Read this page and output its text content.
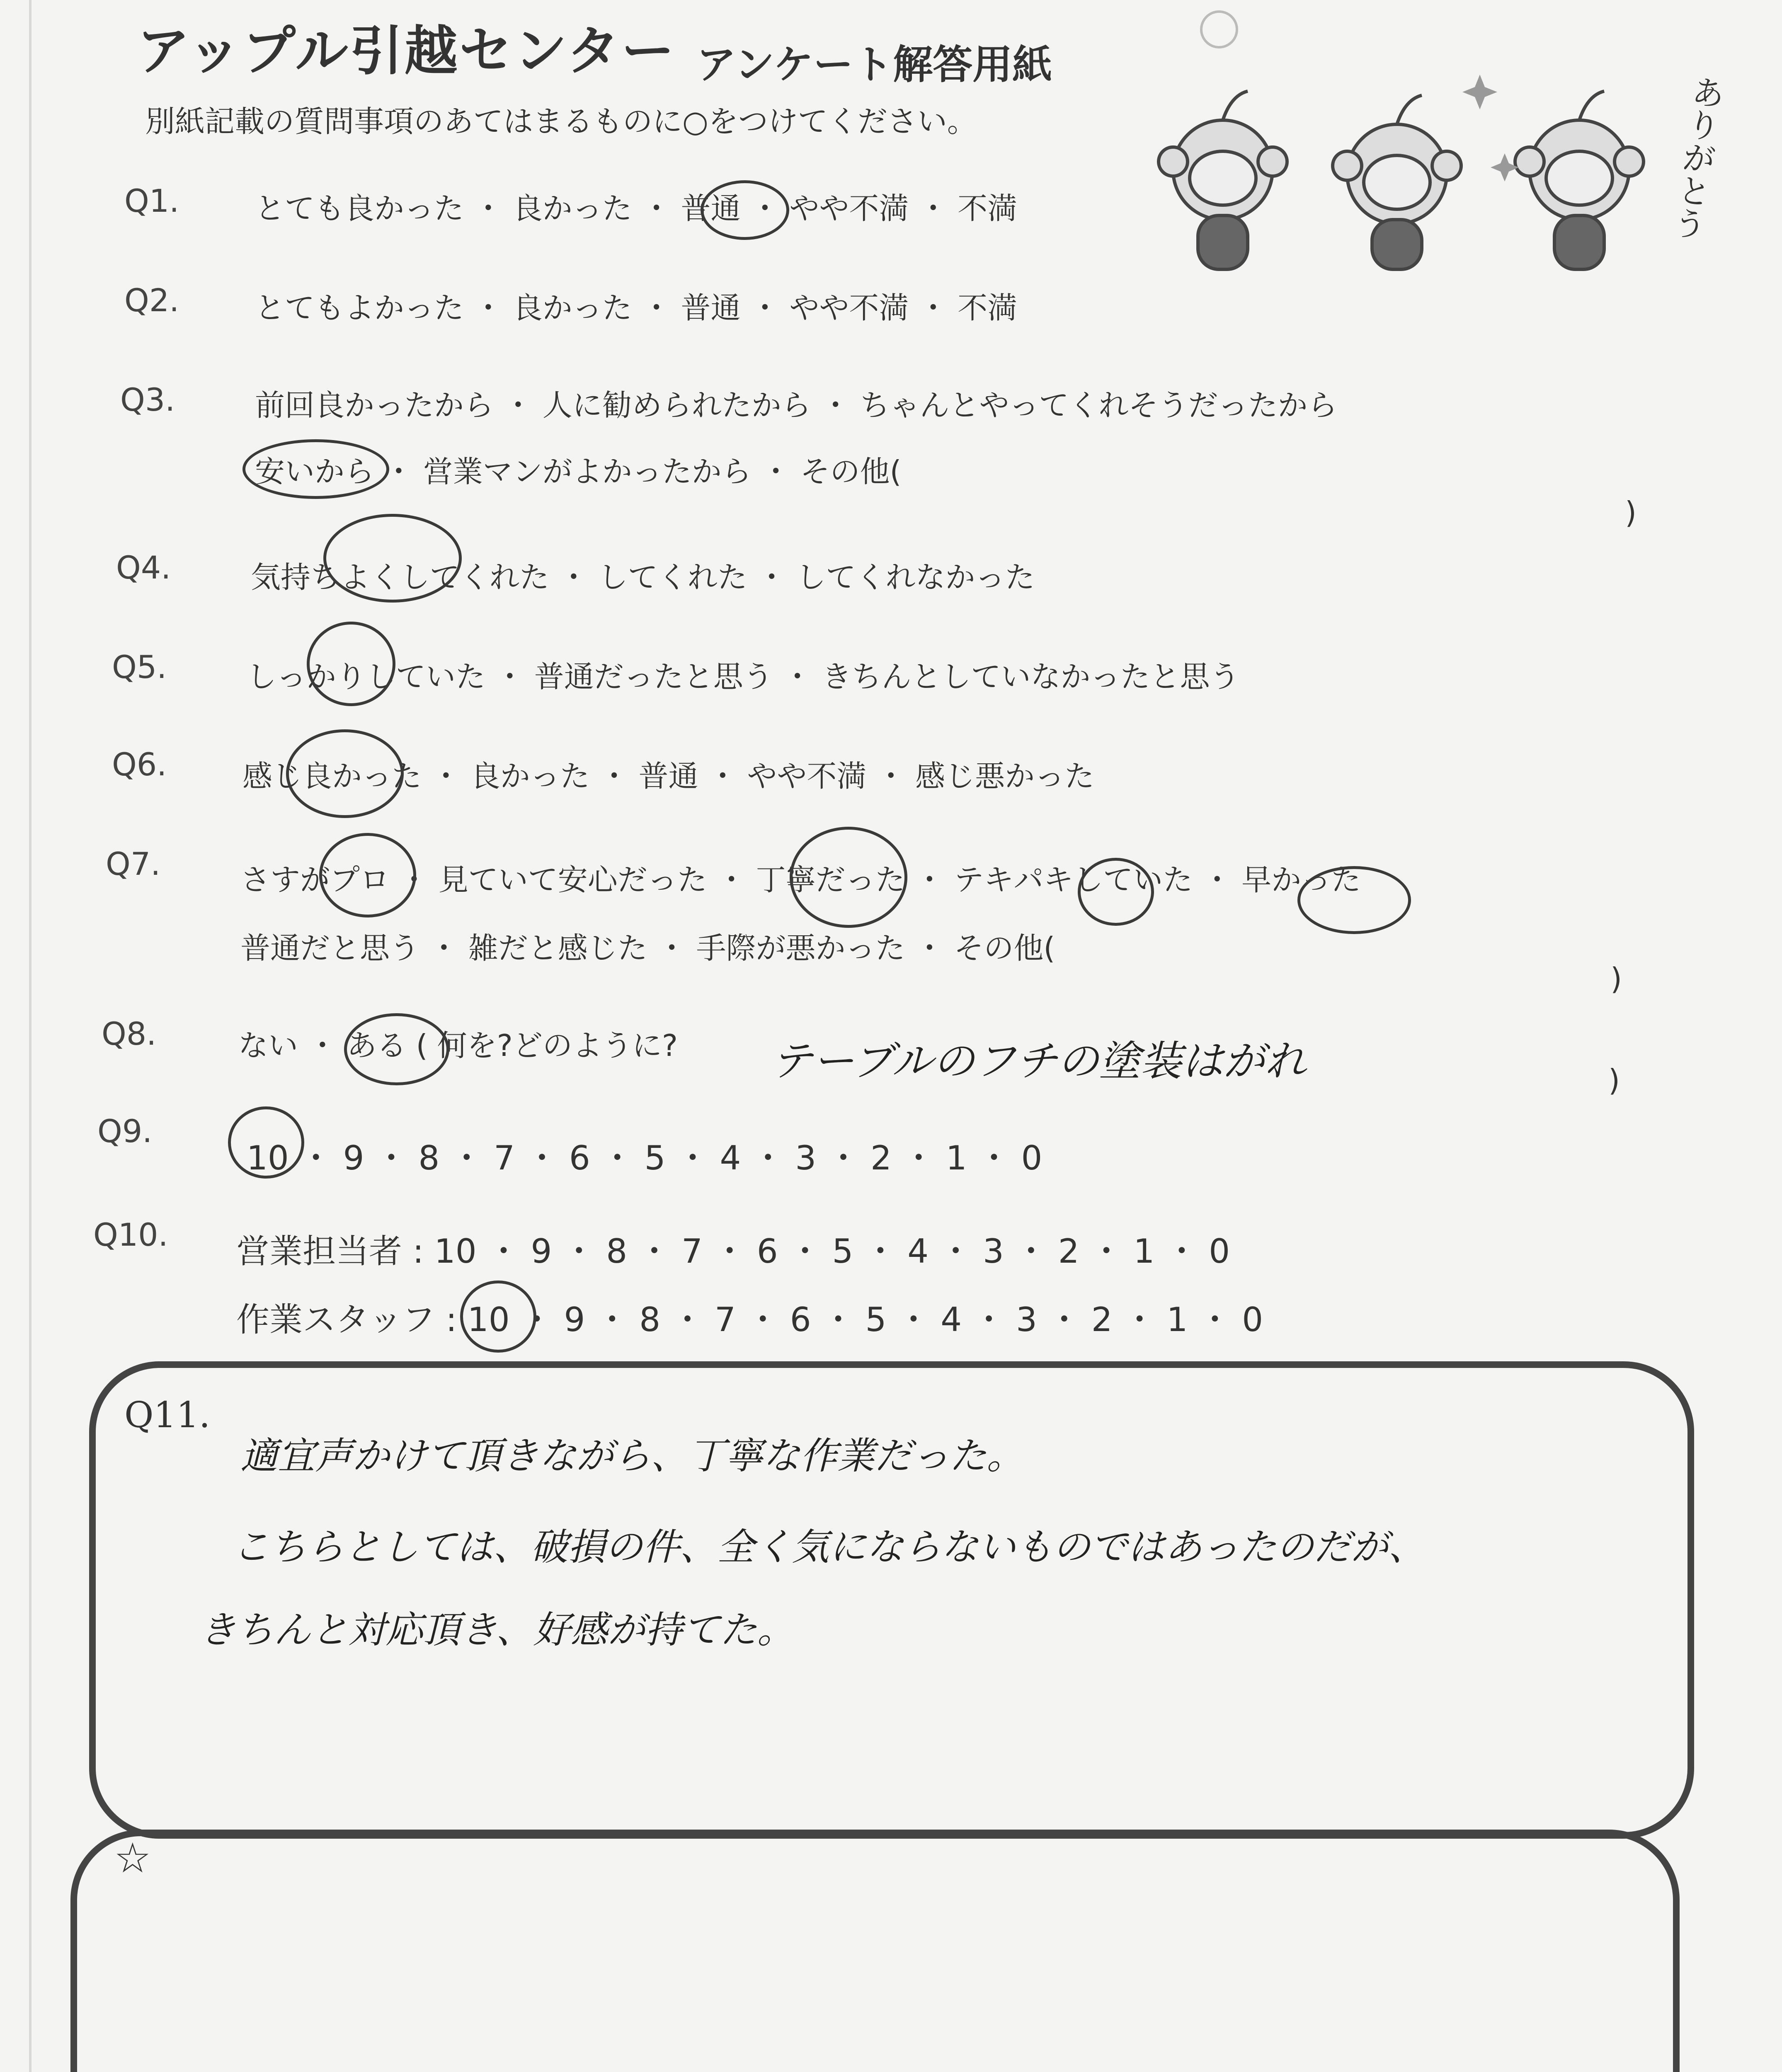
アップル引越センター アンケート解答用紙
別紙記載の質問事項のあてはまるものに○をつけてください。	ありがとう
Q1.	とても良かった ・ 良かった ・ 普通 ・ やや不満 ・ 不満
Q2.	とてもよかった ・ 良かった ・ 普通 ・ やや不満 ・ 不満
Q3.	前回良かったから ・ 人に勧められたから ・ ちゃんとやってくれそうだったから
安いから ・ 営業マンがよかったから ・ その他(
)
Q4.	気持ちよくしてくれた ・ してくれた ・ してくれなかった
Q5.	しっかりしていた ・ 普通だったと思う ・ きちんとしていなかったと思う
Q6.	感じ良かった ・ 良かった ・ 普通 ・ やや不満 ・ 感じ悪かった
Q7.	さすがプロ ・ 見ていて安心だった ・ 丁寧だった ・ テキパキしていた ・ 早かった
普通だと思う ・ 雑だと感じた ・ 手際が悪かった ・ その他(
)
Q8.	ない ・ ある ( 何を?どのように? テーブルのフチの塗装はがれ	)
Q9.
10 ・ 9 ・ 8 ・ 7 ・ 6 ・ 5 ・ 4 ・ 3 ・ 2 ・ 1 ・ 0
Q10. 営業担当者 : 10 ・ 9 ・ 8 ・ 7 ・ 6 ・ 5 ・ 4 ・ 3 ・ 2 ・ 1 ・ 0
作業スタッフ : 10 ・ 9 ・ 8 ・ 7 ・ 6 ・ 5 ・ 4 ・ 3 ・ 2 ・ 1 ・ 0
Q11.
適宜声かけて頂きながら、丁寧な作業だった。
こちらとしては、破損の件、全く気にならないものではあったのだが、
きちんと対応頂き、好感が持てた。
☆
